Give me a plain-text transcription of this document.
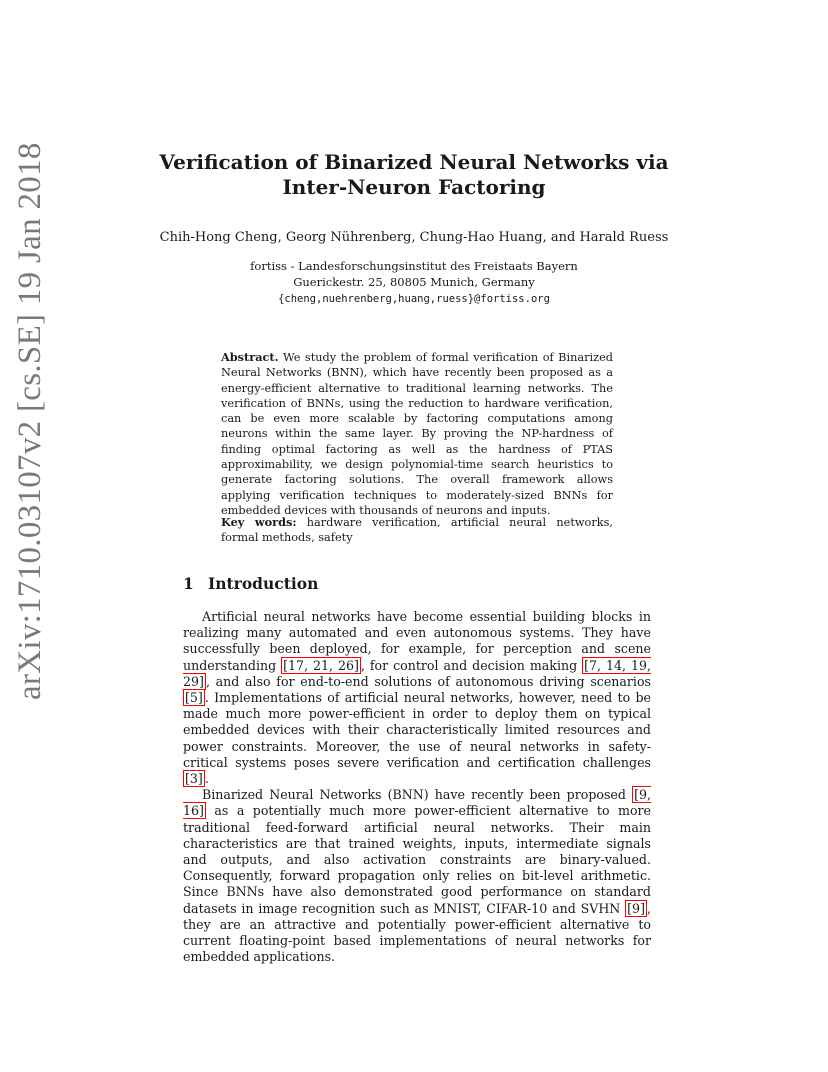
arXiv:1710.03107v2 [cs.SE] 19 Jan 2018	Verification of Binarized Neural Networks via
Inter-Neuron Factoring
Chih-Hong Cheng, Georg Nührenberg, Chung-Hao Huang, and Harald Ruess
fortiss - Landesforschungsinstitut des Freistaats Bayern
Guerickestr. 25, 80805 Munich, Germany
{cheng,nuehrenberg,huang,ruess}@fortiss.org
Abstract. We study the problem of formal verification of Binarized Neural Networks (BNN), which have recently been proposed as a energy-efficient alternative to traditional learning networks. The verification of BNNs, using the reduction to hardware verification, can be even more scalable by factoring computations among neurons within the same layer. By proving the NP-hardness of finding optimal factoring as well as the hardness of PTAS approximability, we design polynomial-time search heuristics to generate factoring solutions. The overall framework allows applying verification techniques to moderately-sized BNNs for embedded devices with thousands of neurons and inputs.
Key words: hardware verification, artificial neural networks, formal methods, safety
1 Introduction

Artificial neural networks have become essential building blocks in realizing many automated and even autonomous systems. They have successfully been deployed, for example, for perception and scene understanding [17, 21, 26] , for control and decision making [7, 14, 19, 29] , and also for end-to-end solutions of autonomous driving scenarios [5] . Implementations of artificial neural networks, however, need to be made much more power-efficient in order to deploy them on typical embedded devices with their characteristically limited resources and power constraints. Moreover, the use of neural networks in safety-critical systems poses severe verification and certification challenges [3] .

Binarized Neural Networks (BNN) have recently been proposed [9, 16] as a potentially much more power-efficient alternative to more traditional feed-forward artificial neural networks. Their main characteristics are that trained weights, inputs, intermediate signals and outputs, and also activation constraints are binary-valued. Consequently, forward propagation only relies on bit-level arithmetic. Since BNNs have also demonstrated good performance on standard datasets in image recognition such as MNIST, CIFAR-10 and SVHN [9] , they are an attractive and potentially power-efficient alternative to current floating-point based implementations of neural networks for embedded applications.
